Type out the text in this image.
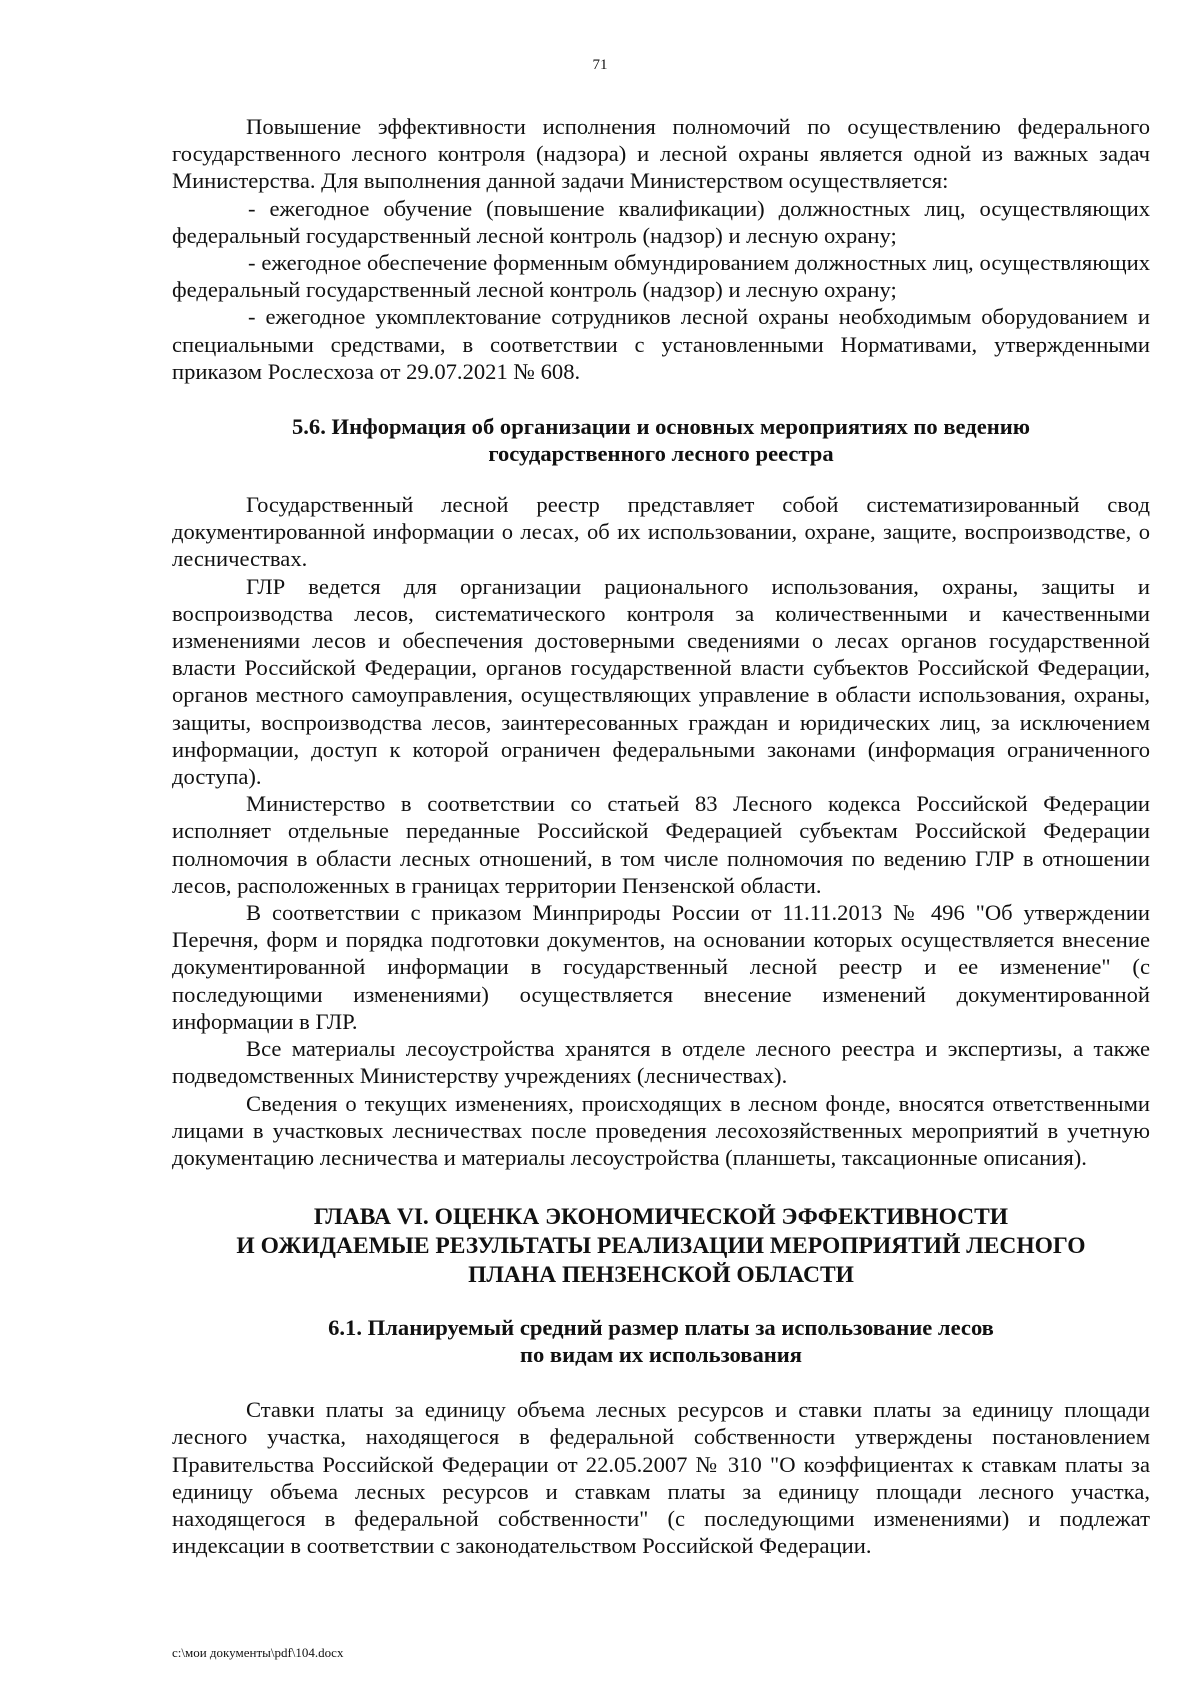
71

Повышение эффективности исполнения полномочий по осуществлению федерального государственного лесного контроля (надзора) и лесной охраны является одной из важных задач Министерства. Для выполнения данной задачи Министерством осуществляется:

- ежегодное обучение (повышение квалификации) должностных лиц, осуществляющих федеральный государственный лесной контроль (надзор) и лесную охрану;

- ежегодное обеспечение форменным обмундированием должностных лиц, осуществляющих федеральный государственный лесной контроль (надзор) и лесную охрану;

- ежегодное укомплектование сотрудников лесной охраны необходимым оборудованием и специальными средствами, в соответствии с установленными Нормативами, утвержденными приказом Рослесхоза от 29.07.2021 № 608.

5.6. Информация об организации и основных мероприятиях по ведению
государственного лесного реестра

Государственный лесной реестр представляет собой систематизированный свод документированной информации о лесах, об их использовании, охране, защите, воспроизводстве, о лесничествах.

ГЛР ведется для организации рационального использования, охраны, защиты и воспроизводства лесов, систематического контроля за количественными и качественными изменениями лесов и обеспечения достоверными сведениями о лесах органов государственной власти Российской Федерации, органов государственной власти субъектов Российской Федерации, органов местного самоуправления, осуществляющих управление в области использования, охраны, защиты, воспроизводства лесов, заинтересованных граждан и юридических лиц, за исключением информации, доступ к которой ограничен федеральными законами (информация ограниченного доступа).

Министерство в соответствии со статьей 83 Лесного кодекса Российской Федерации исполняет отдельные переданные Российской Федерацией субъектам Российской Федерации полномочия в области лесных отношений, в том числе полномочия по ведению ГЛР в отношении лесов, расположенных в границах территории Пензенской области.

В соответствии с приказом Минприроды России от 11.11.2013 № 496 "Об утверждении Перечня, форм и порядка подготовки документов, на основании которых осуществляется внесение документированной информации в государственный лесной реестр и ее изменение" (с последующими изменениями) осуществляется внесение изменений документированной информации в ГЛР.

Все материалы лесоустройства хранятся в отделе лесного реестра и экспертизы, а также подведомственных Министерству учреждениях (лесничествах).

Сведения о текущих изменениях, происходящих в лесном фонде, вносятся ответственными лицами в участковых лесничествах после проведения лесохозяйственных мероприятий в учетную документацию лесничества и материалы лесоустройства (планшеты, таксационные описания).

ГЛАВА VI. ОЦЕНКА ЭКОНОМИЧЕСКОЙ ЭФФЕКТИВНОСТИ
И ОЖИДАЕМЫЕ РЕЗУЛЬТАТЫ РЕАЛИЗАЦИИ МЕРОПРИЯТИЙ ЛЕСНОГО
ПЛАНА ПЕНЗЕНСКОЙ ОБЛАСТИ
6.1. Планируемый средний размер платы за использование лесов
по видам их использования

Ставки платы за единицу объема лесных ресурсов и ставки платы за единицу площади лесного участка, находящегося в федеральной собственности утверждены постановлением Правительства Российской Федерации от 22.05.2007 № 310 "О коэффициентах к ставкам платы за единицу объема лесных ресурсов и ставкам платы за единицу площади лесного участка, находящегося в федеральной собственности" (с последующими изменениями) и подлежат индексации в соответствии с законодательством Российской Федерации.

c:\мои документы\pdf\104.docx
